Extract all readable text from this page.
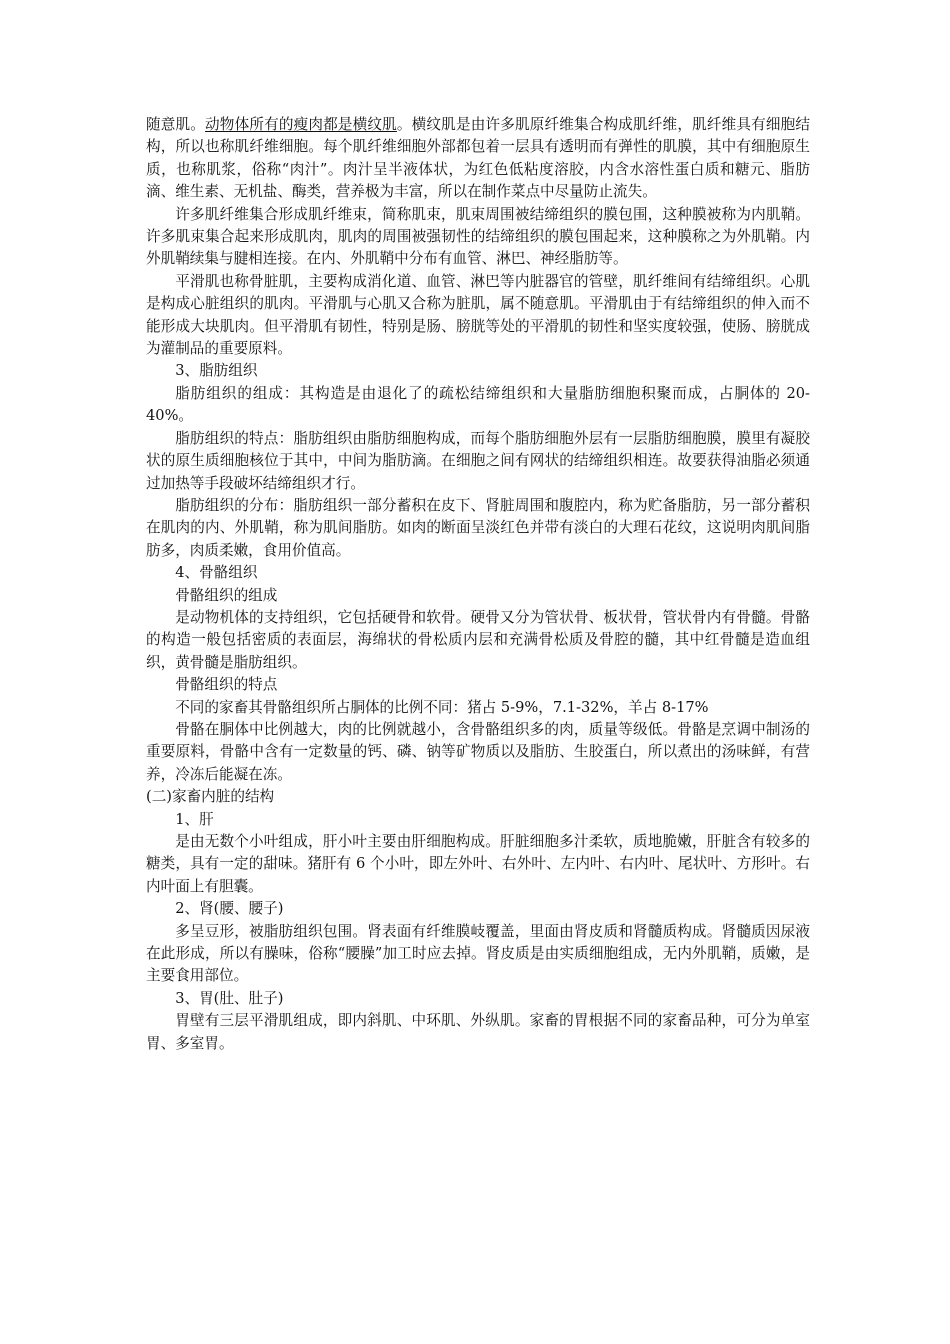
随意肌。动物体所有的瘦肉都是横纹肌。横纹肌是由许多肌原纤维集合构成肌纤维，肌纤维具有细胞结构，所以也称肌纤维细胞。每个肌纤维细胞外部都包着一层具有透明而有弹性的肌膜，其中有细胞原生质，也称肌浆，俗称“肉汁”。肉汁呈半液体状，为红色低粘度溶胶，内含水溶性蛋白质和糖元、脂肪滴、维生素、无机盐、酶类，营养极为丰富，所以在制作菜点中尽量防止流失。

许多肌纤维集合形成肌纤维束，简称肌束，肌束周围被结缔组织的膜包围，这种膜被称为内肌鞘。许多肌束集合起来形成肌肉，肌肉的周围被强韧性的结缔组织的膜包围起来，这种膜称之为外肌鞘。内外肌鞘续集与腱相连接。在内、外肌鞘中分布有血管、淋巴、神经脂肪等。

平滑肌也称骨脏肌，主要构成消化道、血管、淋巴等内脏器官的管壁，肌纤维间有结缔组织。心肌是构成心脏组织的肌肉。平滑肌与心肌又合称为脏肌，属不随意肌。平滑肌由于有结缔组织的伸入而不能形成大块肌肉。但平滑肌有韧性，特别是肠、膀胱等处的平滑肌的韧性和坚实度较强，使肠、膀胱成为灌制品的重要原料。

3、脂肪组织

脂肪组织的组成：其构造是由退化了的疏松结缔组织和大量脂肪细胞积聚而成，占胴体的 20-40%。

脂肪组织的特点：脂肪组织由脂肪细胞构成，而每个脂肪细胞外层有一层脂肪细胞膜，膜里有凝胶状的原生质细胞核位于其中，中间为脂肪滴。在细胞之间有网状的结缔组织相连。故要获得油脂必须通过加热等手段破坏结缔组织才行。

脂肪组织的分布：脂肪组织一部分蓄积在皮下、肾脏周围和腹腔内，称为贮备脂肪，另一部分蓄积在肌肉的内、外肌鞘，称为肌间脂肪。如肉的断面呈淡红色并带有淡白的大理石花纹，这说明肉肌间脂肪多，肉质柔嫩，食用价值高。

4、骨骼组织

骨骼组织的组成

是动物机体的支持组织，它包括硬骨和软骨。硬骨又分为管状骨、板状骨，管状骨内有骨髓。骨骼的构造一般包括密质的表面层，海绵状的骨松质内层和充满骨松质及骨腔的髓，其中红骨髓是造血组织，黄骨髓是脂肪组织。

骨骼组织的特点

不同的家畜其骨骼组织所占胴体的比例不同：猪占 5-9%，7.1-32%，羊占 8-17%

骨骼在胴体中比例越大，肉的比例就越小，含骨骼组织多的肉，质量等级低。骨骼是烹调中制汤的重要原料，骨骼中含有一定数量的钙、磷、钠等矿物质以及脂肪、生胶蛋白，所以煮出的汤味鲜，有营养，冷冻后能凝在冻。

(二)家畜内脏的结构

1、肝

是由无数个小叶组成，肝小叶主要由肝细胞构成。肝脏细胞多汁柔软，质地脆嫩，肝脏含有较多的糖类，具有一定的甜味。猪肝有 6 个小叶，即左外叶、右外叶、左内叶、右内叶、尾状叶、方形叶。右内叶面上有胆囊。

2、肾(腰、腰子)

多呈豆形，被脂肪组织包围。肾表面有纤维膜岐覆盖，里面由肾皮质和肾髓质构成。肾髓质因尿液在此形成，所以有臊味，俗称“腰臊”加工时应去掉。肾皮质是由实质细胞组成，无内外肌鞘，质嫩，是主要食用部位。

3、胃(肚、肚子)

胃壁有三层平滑肌组成，即内斜肌、中环肌、外纵肌。家畜的胃根据不同的家畜品种，可分为单室胃、多室胃。
